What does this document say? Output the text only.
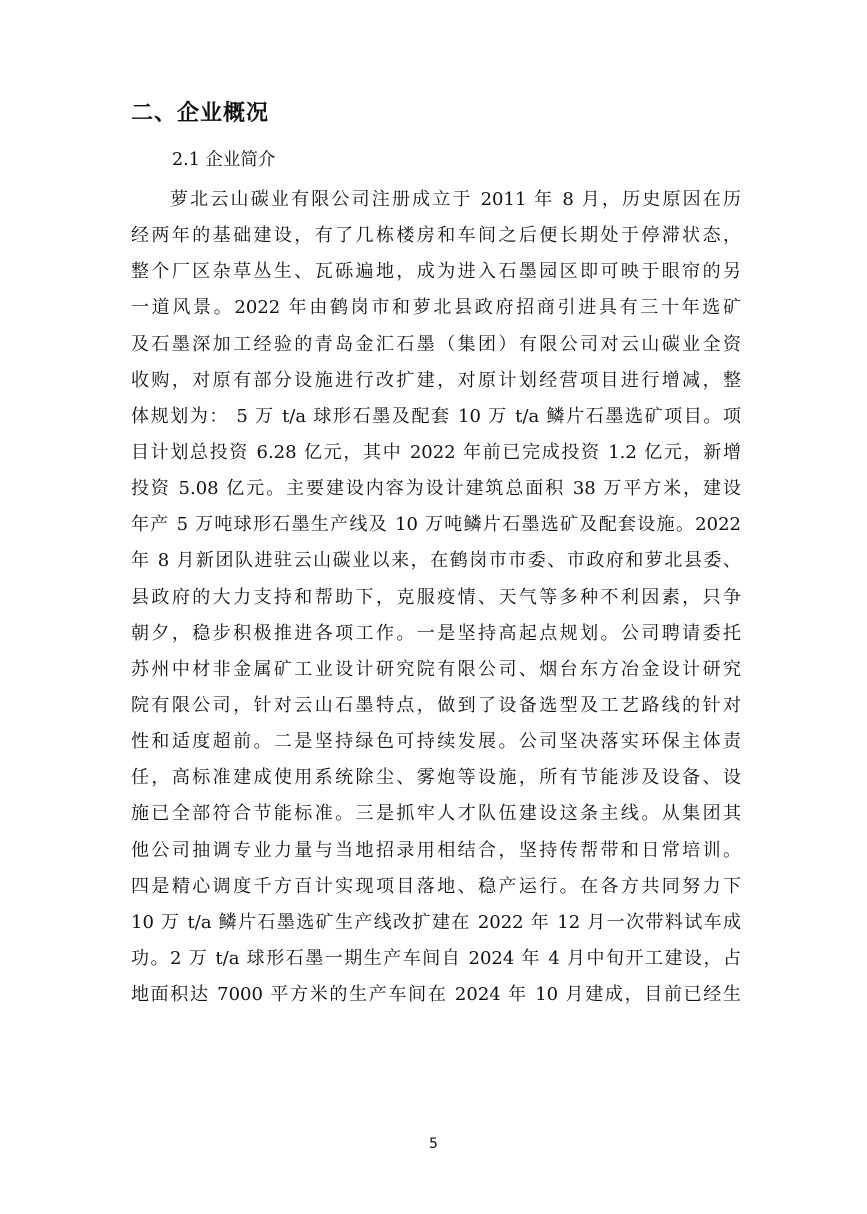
二、企业概况
2.1 企业简介
萝北云山碳业有限公司注册成立于 2011 年 8 月，历史原因在历
经两年的基础建设，有了几栋楼房和车间之后便长期处于停滞状态，
整个厂区杂草丛生、瓦砾遍地，成为进入石墨园区即可映于眼帘的另
一道风景。2022 年由鹤岗市和萝北县政府招商引进具有三十年选矿
及石墨深加工经验的青岛金汇石墨（集团）有限公司对云山碳业全资
收购，对原有部分设施进行改扩建，对原计划经营项目进行增减，整
体规划为： 5 万 t/a 球形石墨及配套 10 万 t/a 鳞片石墨选矿项目。项
目计划总投资 6.28 亿元，其中 2022 年前已完成投资 1.2 亿元，新增
投资 5.08 亿元。主要建设内容为设计建筑总面积 38 万平方米，建设
年产 5 万吨球形石墨生产线及 10 万吨鳞片石墨选矿及配套设施。2022
年 8 月新团队进驻云山碳业以来，在鹤岗市市委、市政府和萝北县委、
县政府的大力支持和帮助下，克服疫情、天气等多种不利因素，只争
朝夕，稳步积极推进各项工作。一是坚持高起点规划。公司聘请委托
苏州中材非金属矿工业设计研究院有限公司、烟台东方冶金设计研究
院有限公司，针对云山石墨特点，做到了设备选型及工艺路线的针对
性和适度超前。二是坚持绿色可持续发展。公司坚决落实环保主体责
任，高标准建成使用系统除尘、雾炮等设施，所有节能涉及设备、设
施已全部符合节能标准。三是抓牢人才队伍建设这条主线。从集团其
他公司抽调专业力量与当地招录用相结合，坚持传帮带和日常培训。
四是精心调度千方百计实现项目落地、稳产运行。在各方共同努力下
10 万 t/a 鳞片石墨选矿生产线改扩建在 2022 年 12 月一次带料试车成
功。2 万 t/a 球形石墨一期生产车间自 2024 年 4 月中旬开工建设，占
地面积达 7000 平方米的生产车间在 2024 年 10 月建成，目前已经生
5
